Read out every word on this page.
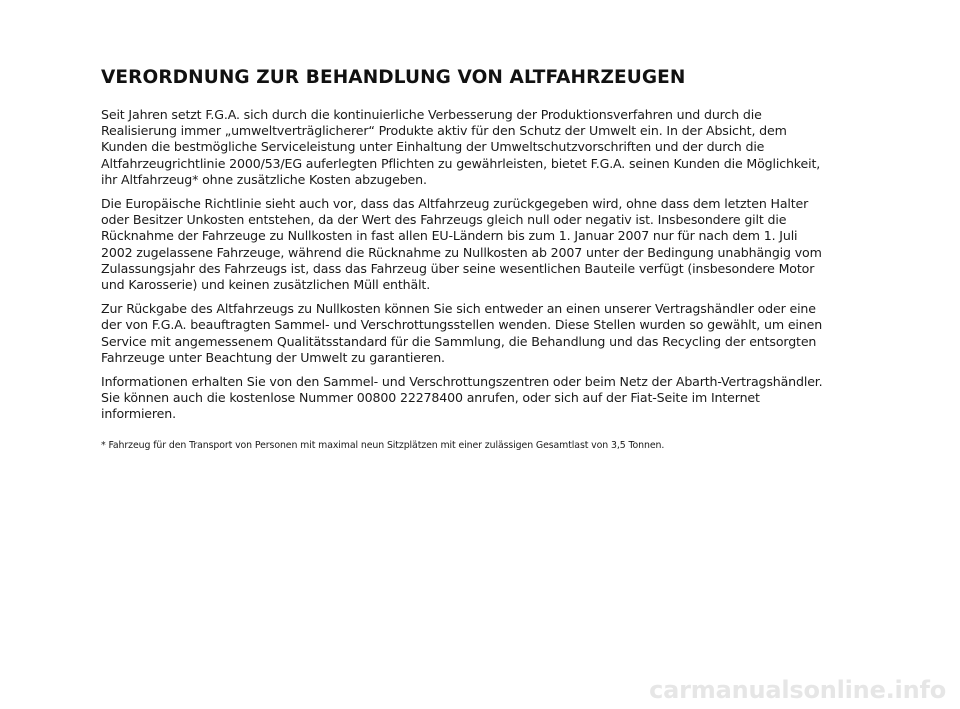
VERORDNUNG ZUR BEHANDLUNG VON ALTFAHRZEUGEN

Seit Jahren setzt F.G.A. sich durch die kontinuierliche Verbesserung der Produktionsverfahren und durch die Realisierung immer „umweltverträglicherer“ Produkte aktiv für den Schutz der Umwelt ein. In der Absicht, dem Kunden die bestmögliche Serviceleistung unter Einhaltung der Umweltschutzvorschriften und der durch die Altfahrzeugrichtlinie 2000/53/EG auferlegten Pflichten zu gewährleisten, bietet F.G.A. seinen Kunden die Möglichkeit, ihr Altfahrzeug* ohne zusätzliche Kosten abzugeben.

Die Europäische Richtlinie sieht auch vor, dass das Altfahrzeug zurückgegeben wird, ohne dass dem letzten Halter oder Besitzer Unkosten entstehen, da der Wert des Fahrzeugs gleich null oder negativ ist. Insbesondere gilt die Rücknahme der Fahrzeuge zu Nullkosten in fast allen EU-Ländern bis zum 1. Januar 2007 nur für nach dem 1. Juli 2002 zugelassene Fahrzeuge, während die Rücknahme zu Nullkosten ab 2007 unter der Bedingung unabhängig vom Zulassungsjahr des Fahrzeugs ist, dass das Fahrzeug über seine wesentlichen Bauteile verfügt (insbesondere Motor und Karosserie) und keinen zusätzlichen Müll enthält.

Zur Rückgabe des Altfahrzeugs zu Nullkosten können Sie sich entweder an einen unserer Vertragshändler oder eine der von F.G.A. beauftragten Sammel- und Verschrottungsstellen wenden. Diese Stellen wurden so gewählt, um einen Service mit angemessenem Qualitätsstandard für die Sammlung, die Behandlung und das Recycling der entsorgten Fahrzeuge unter Beachtung der Umwelt zu garantieren.

Informationen erhalten Sie von den Sammel- und Verschrottungszentren oder beim Netz der Abarth-Vertragshändler. Sie können auch die kostenlose Nummer 00800 22278400 anrufen, oder sich auf der Fiat-Seite im Internet informieren.

* Fahrzeug für den Transport von Personen mit maximal neun Sitzplätzen mit einer zulässigen Gesamtlast von 3,5 Tonnen.

carmanualsonline.info
